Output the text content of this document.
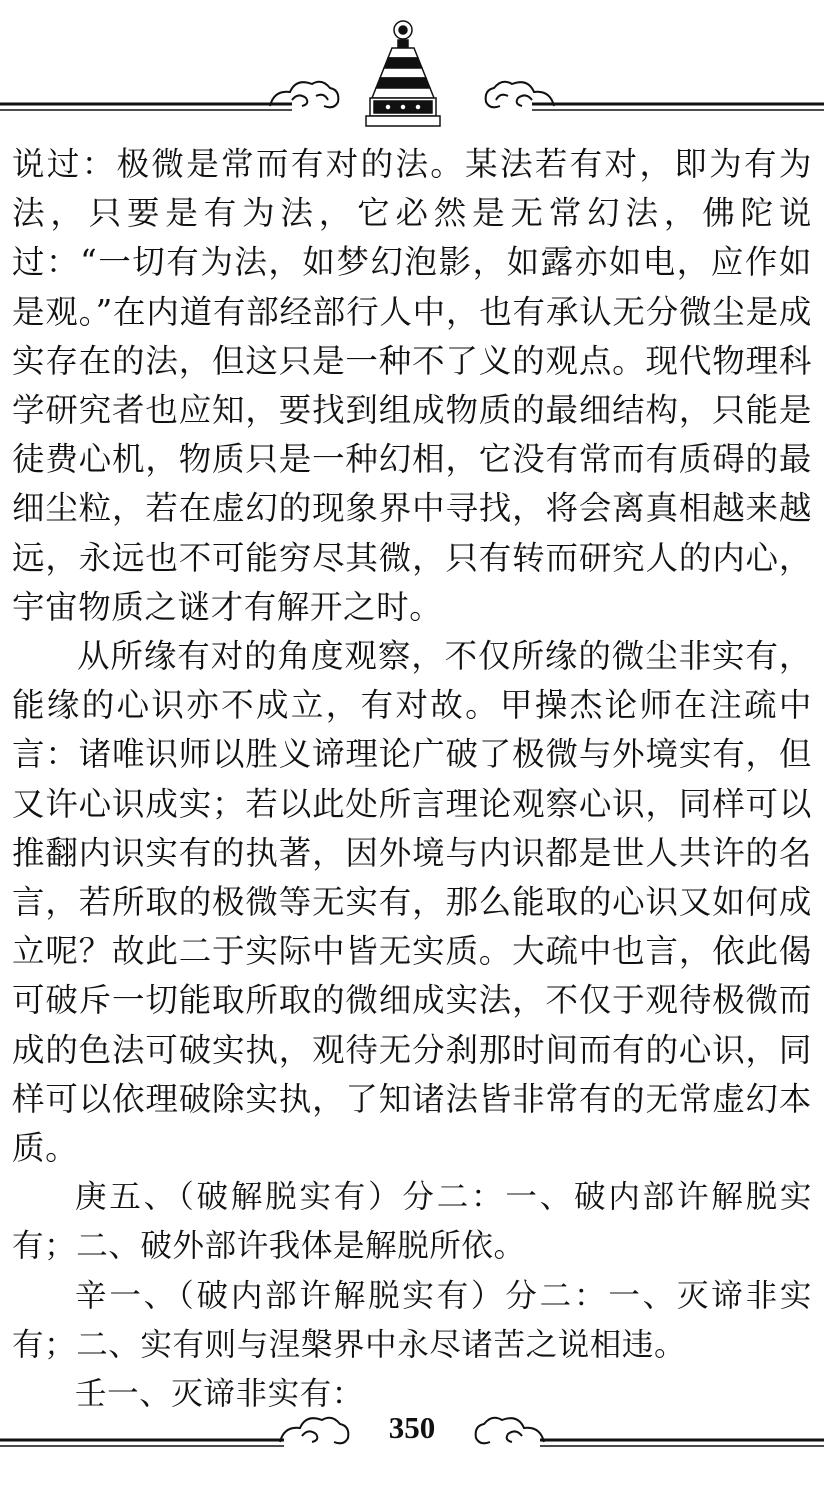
说过：极微是常而有对的法。某法若有对，即为有为法，只要是有为法，它必然是无常幻法，佛陀说过：“一切有为法，如梦幻泡影，如露亦如电，应作如是观。”在内道有部经部行人中，也有承认无分微尘是成实存在的法，但这只是一种不了义的观点。现代物理科学研究者也应知，要找到组成物质的最细结构，只能是徒费心机，物质只是一种幻相，它没有常而有质碍的最细尘粒，若在虚幻的现象界中寻找，将会离真相越来越远，永远也不可能穷尽其微，只有转而研究人的内心，宇宙物质之谜才有解开之时。

从所缘有对的角度观察，不仅所缘的微尘非实有，能缘的心识亦不成立，有对故。甲操杰论师在注疏中言：诸唯识师以胜义谛理论广破了极微与外境实有，但又许心识成实；若以此处所言理论观察心识，同样可以推翻内识实有的执著，因外境与内识都是世人共许的名言，若所取的极微等无实有，那么能取的心识又如何成立呢？故此二于实际中皆无实质。大疏中也言，依此偈可破斥一切能取所取的微细成实法，不仅于观待极微而成的色法可破实执，观待无分刹那时间而有的心识，同样可以依理破除实执，了知诸法皆非常有的无常虚幻本质。

庚五、（破解脱实有）分二：一、破内部许解脱实有；二、破外部许我体是解脱所依。

辛一、（破内部许解脱实有）分二：一、灭谛非实有；二、实有则与涅槃界中永尽诸苦之说相违。

壬一、灭谛非实有：

350
